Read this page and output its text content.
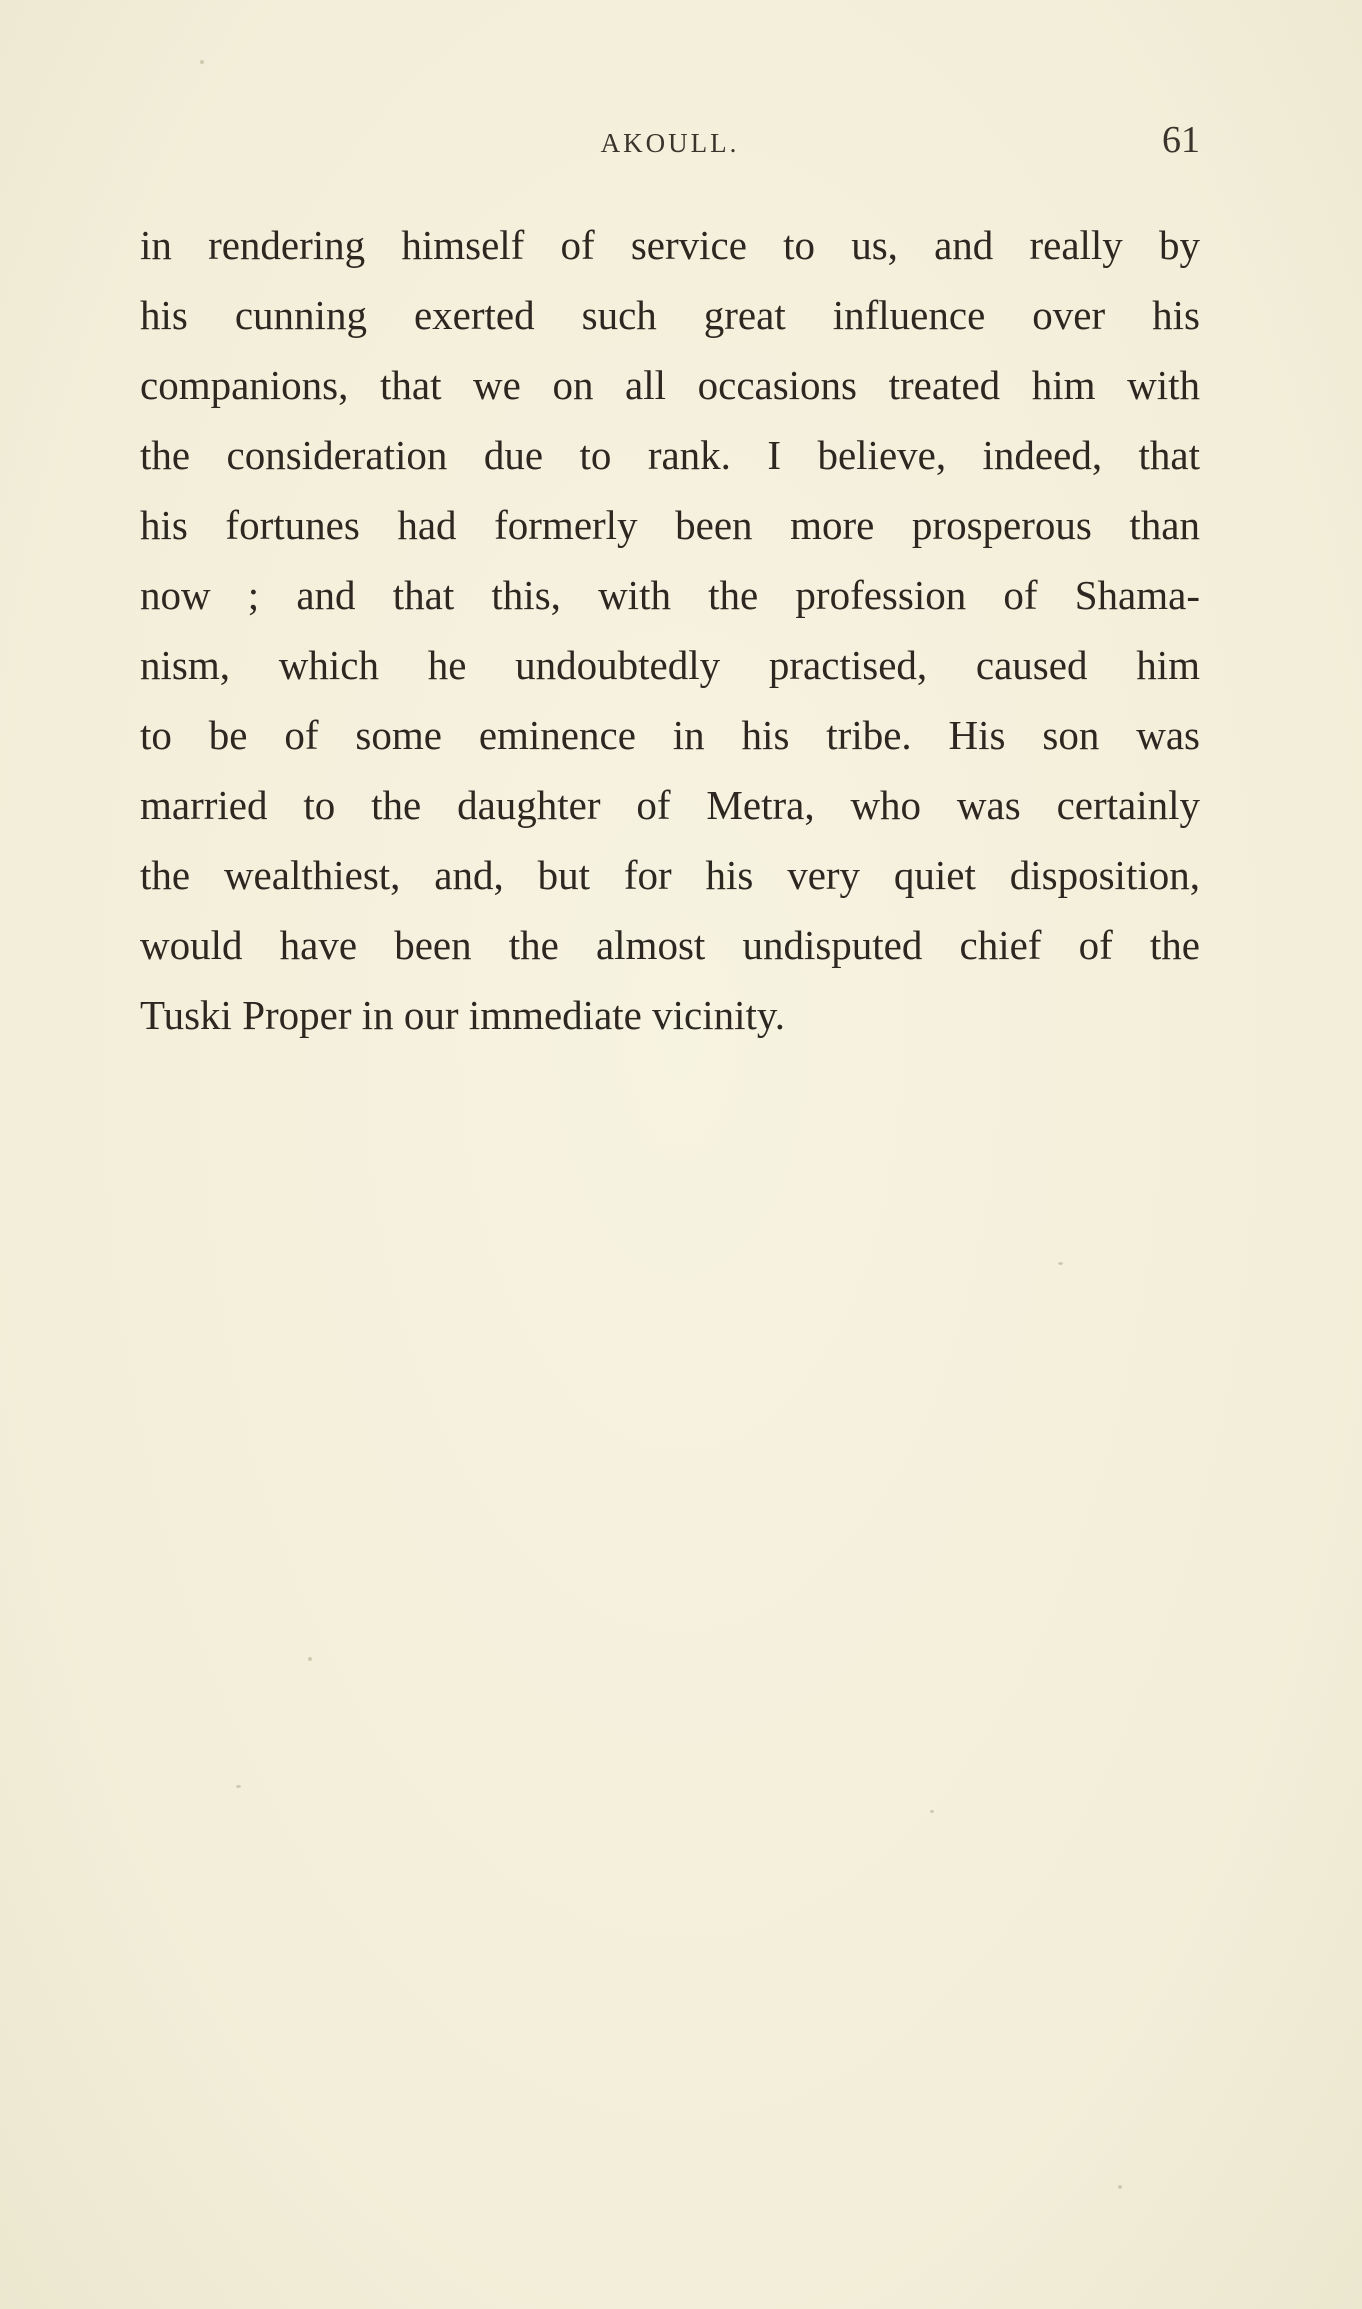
AKOULL.	61
in rendering himself of service to us, and really by
his cunning exerted such great influence over his
companions, that we on all occasions treated him with
the consideration due to rank. I believe, indeed, that
his fortunes had formerly been more prosperous than
now ; and that this, with the profession of Shama-
nism, which he undoubtedly practised, caused him
to be of some eminence in his tribe. His son was
married to the daughter of Metra, who was certainly
the wealthiest, and, but for his very quiet disposition,
would have been the almost undisputed chief of the
Tuski Proper in our immediate vicinity.
